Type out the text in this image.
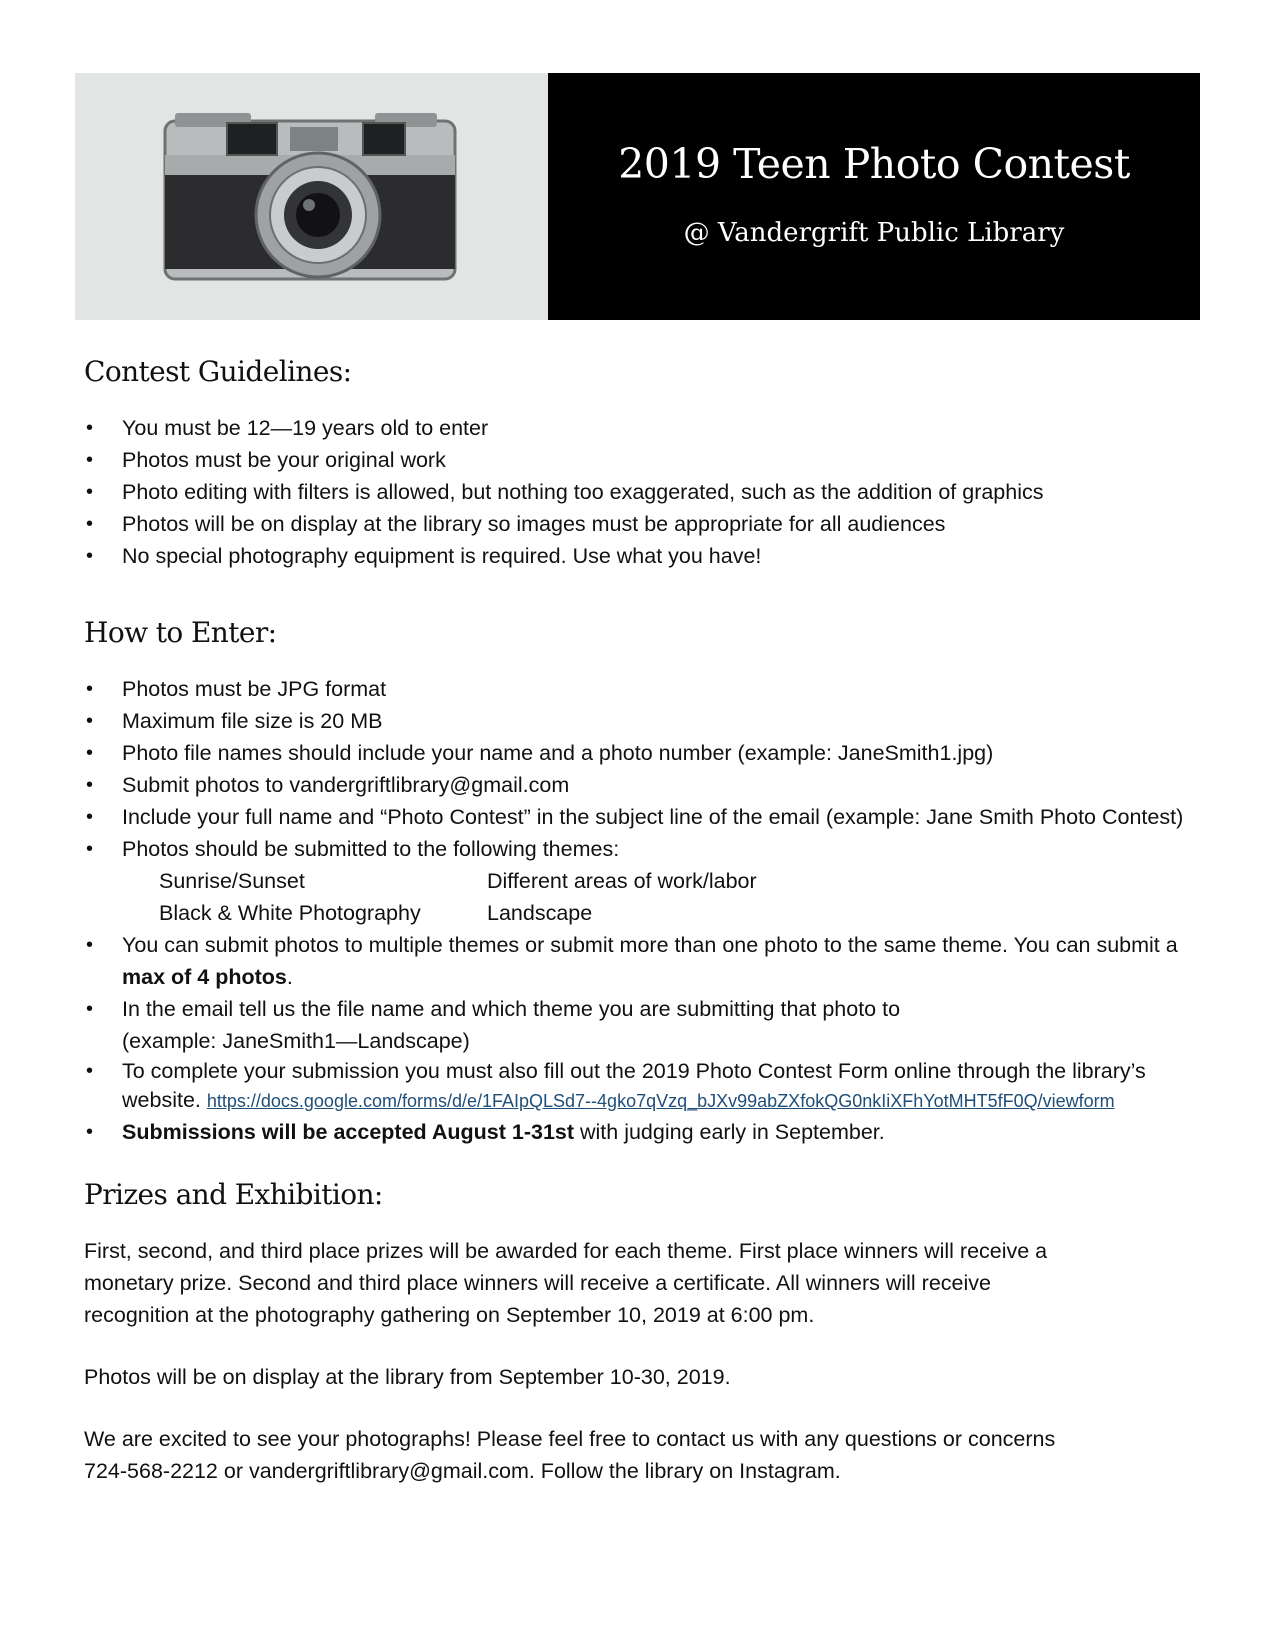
2019 Teen Photo Contest
@ Vandergrift Public Library
Contest Guidelines:
• You must be 12—19 years old to enter
• Photos must be your original work
• Photo editing with filters is allowed, but nothing too exaggerated, such as the addition of graphics
• Photos will be on display at the library so images must be appropriate for all audiences
• No special photography equipment is required. Use what you have!
How to Enter:
• Photos must be JPG format
• Maximum file size is 20 MB
• Photo file names should include your name and a photo number (example: JaneSmith1.jpg)
• Submit photos to vandergriftlibrary@gmail.com
• Include your full name and “Photo Contest” in the subject line of the email (example: Jane Smith Photo Contest)
• Photos should be submitted to the following themes:
Sunrise/Sunset	Different areas of work/labor
Black & White Photography	Landscape
• You can submit photos to multiple themes or submit more than one photo to the same theme. You can submit a max of 4 photos.
• In the email tell us the file name and which theme you are submitting that photo to
(example: JaneSmith1—Landscape)
• To complete your submission you must also fill out the 2019 Photo Contest Form online through the library’s website. https://docs.google.com/forms/d/e/1FAIpQLSd7--4gko7qVzq_bJXv99abZXfokQG0nkIiXFhYotMHT5fF0Q/viewform
• Submissions will be accepted August 1-31st with judging early in September.
Prizes and Exhibition:

First, second, and third place prizes will be awarded for each theme. First place winners will receive a monetary prize. Second and third place winners will receive a certificate. All winners will receive recognition at the photography gathering on September 10, 2019 at 6:00 pm.

Photos will be on display at the library from September 10-30, 2019.

We are excited to see your photographs! Please feel free to contact us with any questions or concerns 724-568-2212 or vandergriftlibrary@gmail.com. Follow the library on Instagram.
